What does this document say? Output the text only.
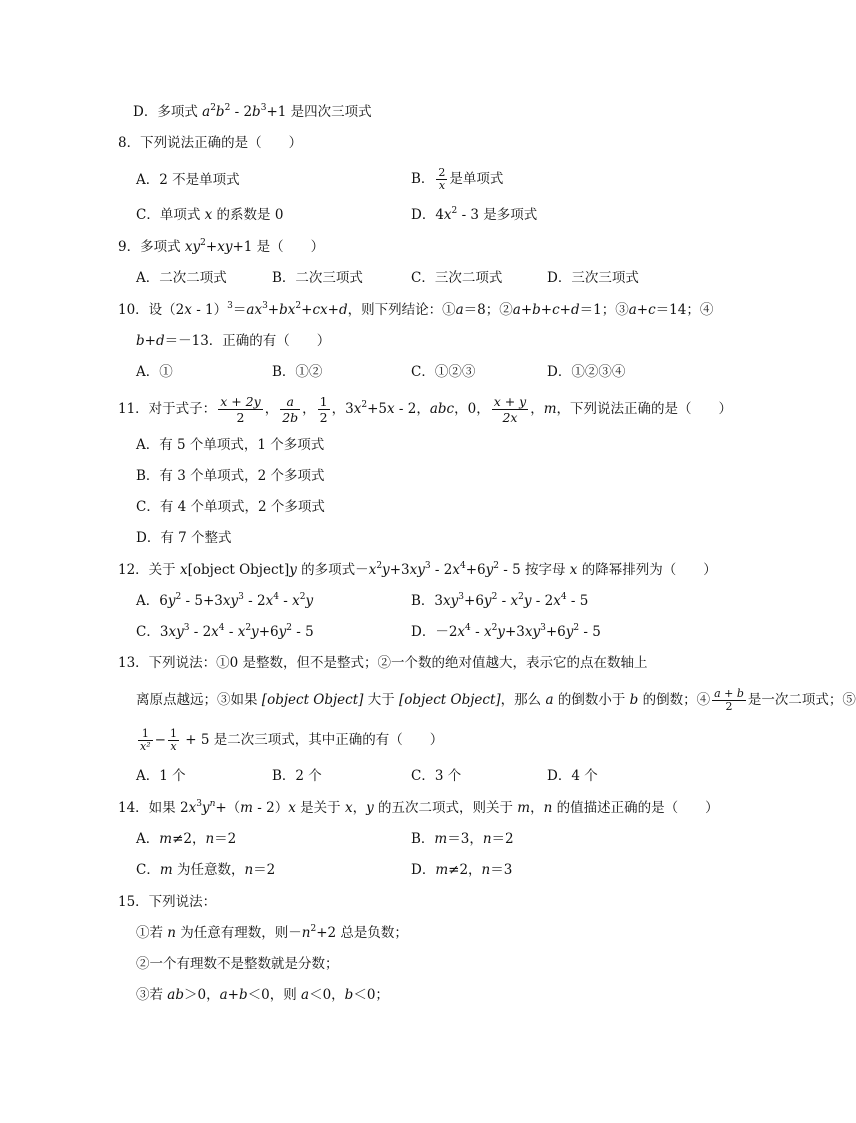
D．多项式 $a^2b^2 - 2b^3+1$ 是四次三项式
8．下列说法正确的是（　　）
A．2 不是单项式	B． $\frac{2}{x}$ 是单项式
C．单项式 x 的系数是 0	D．$4x^2 - 3$ 是多项式
9．多项式 $xy^2+xy+1$ 是（　　）
A．二次二项式	B．二次三项式	C．三次二项式	D．三次三项式
10．设$(2x - 1)^3=ax^3+bx^2+cx+d$，则下列结论：①a＝8；②a+b+c+d＝1；③a+c＝14；④
b+d＝－13．正确的有（　　）
A．①	B．①②	C．①②③	D．①②③④
11．对于式子： $\frac{x + 2y}{2}$ ， $\frac{a}{2b}$ ， $\frac{1}{2}$ ，$3x^2+5x - 2$，abc，0， $\frac{x + y}{2x}$ ，m，下列说法正确的是（　　）
A．有 5 个单项式，1 个多项式
B．有 3 个单项式，2 个多项式
C．有 4 个单项式，2 个多项式
D．有 7 个整式
12．关于 x[object Object]y 的多项式$-x^2y+3xy^3 - 2x^4+6y^2 - 5$ 按字母 x 的降幂排列为（　　）
A．$6y^2 - 5+3xy^3 - 2x^4 - x^2y$	B．$3xy^3+6y^2 - x^2y - 2x^4 - 5$
C．$3xy^3 - 2x^4 - x^2y+6y^2 - 5$	D．$-2x^4 - x^2y+3xy^3+6y^2 - 5$
13．下列说法：①0 是整数，但不是整式；②一个数的绝对值越大，表示它的点在数轴上
离原点越远；③如果 [object Object] 大于 [object Object]，那么 a 的倒数小于 b 的倒数；④ $\frac{a + b}{2}$ 是一次二项式；⑤
$\frac{1}{\text{x²}} - \frac{1}{x} + 5$ 是二次三项式，其中正确的有（　　）
A．1 个	B．2 个	C．3 个	D．4 个
14．如果 $2x^3y^n+(m - 2)x$ 是关于 x，y 的五次二项式，则关于 m，n 的值描述正确的是（　　）
A．m≠2，n＝2	B．m＝3，n＝2
C．m 为任意数，n＝2	D．m≠2，n＝3
15．下列说法：
①若 n 为任意有理数，则$-n^2+2$ 总是负数；
②一个有理数不是整数就是分数；
③若 ab＞0，a+b＜0，则 a＜0，b＜0；
